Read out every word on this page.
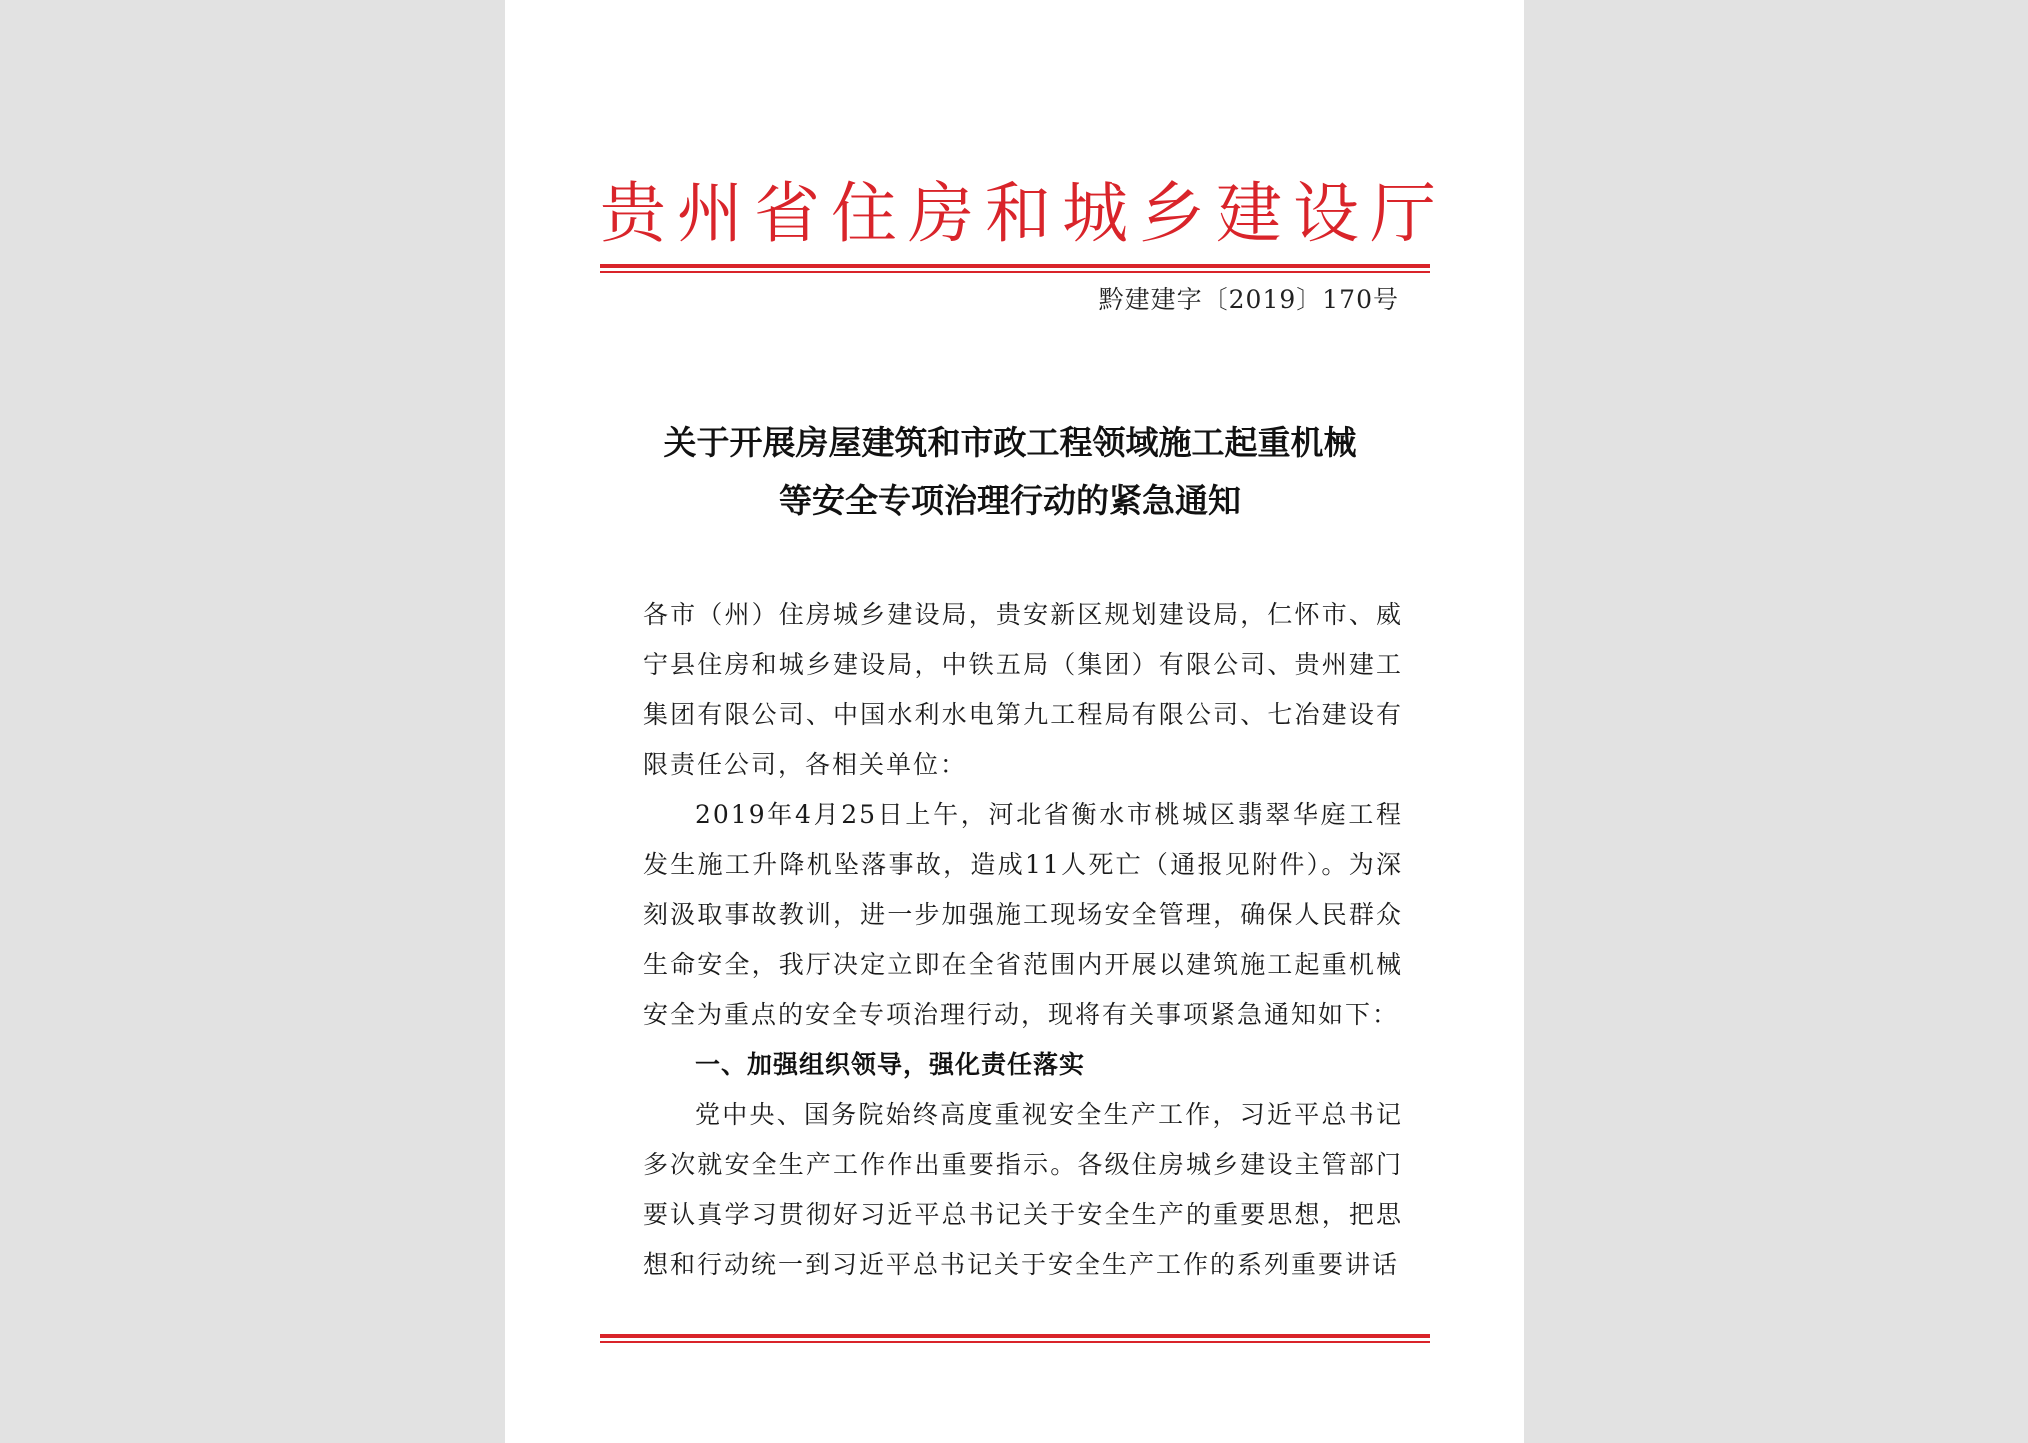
贵州省住房和城乡建设厅

黔建建字〔2019〕170号

关于开展房屋建筑和市政工程领域施工起重机械
等安全专项治理行动的紧急通知

各市（州）住房城乡建设局，贵安新区规划建设局，仁怀市、威宁县住房和城乡建设局，中铁五局（集团）有限公司、贵州建工集团有限公司、中国水利水电第九工程局有限公司、七冶建设有限责任公司，各相关单位：

2019年4月25日上午，河北省衡水市桃城区翡翠华庭工程发生施工升降机坠落事故，造成11人死亡（通报见附件）。为深刻汲取事故教训，进一步加强施工现场安全管理，确保人民群众生命安全，我厅决定立即在全省范围内开展以建筑施工起重机械安全为重点的安全专项治理行动，现将有关事项紧急通知如下：

一、加强组织领导，强化责任落实

党中央、国务院始终高度重视安全生产工作，习近平总书记多次就安全生产工作作出重要指示。各级住房城乡建设主管部门要认真学习贯彻好习近平总书记关于安全生产的重要思想，把思想和行动统一到习近平总书记关于安全生产工作的系列重要讲话
